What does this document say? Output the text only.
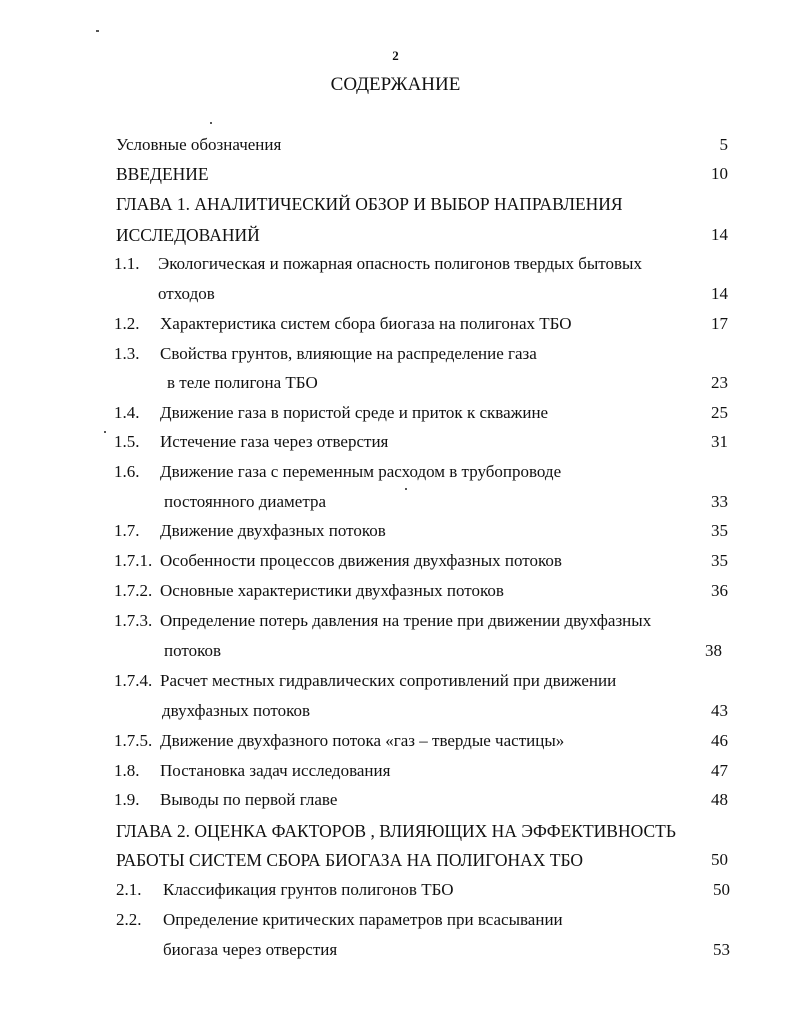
2
СОДЕРЖАНИЕ
Условные обозначения	5
ВВЕДЕНИЕ	10
ГЛАВА 1. АНАЛИТИЧЕСКИЙ ОБЗОР И ВЫБОР НАПРАВЛЕНИЯ
ИССЛЕДОВАНИЙ	14
1.1. Экологическая и пожарная опасность полигонов твердых бытовых
отходов	14
1.2. Характеристика систем сбора биогаза на полигонах ТБО	17
1.3. Свойства грунтов, влияющие на распределение газа
в теле полигона ТБО	23
1.4. Движение газа в пористой среде и приток к скважине	25
1.5. Истечение газа через отверстия	31
1.6. Движение газа с переменным расходом в трубопроводе
постоянного диаметра	33
1.7. Движение двухфазных потоков	35
1.7.1. Особенности процессов движения двухфазных потоков	35
1.7.2. Основные характеристики двухфазных потоков	36
1.7.3. Определение потерь давления на трение при движении двухфазных
потоков	38
1.7.4. Расчет местных гидравлических сопротивлений при движении
двухфазных потоков	43
1.7.5. Движение двухфазного потока «газ – твердые частицы»	46
1.8. Постановка задач исследования	47
1.9. Выводы по первой главе	48
ГЛАВА 2. ОЦЕНКА ФАКТОРОВ , ВЛИЯЮЩИХ НА ЭФФЕКТИВНОСТЬ
РАБОТЫ СИСТЕМ СБОРА БИОГАЗА НА ПОЛИГОНАХ ТБО	50
2.1. Классификация грунтов полигонов ТБО	50
2.2. Определение критических параметров при всасывании
биогаза через отверстия	53
